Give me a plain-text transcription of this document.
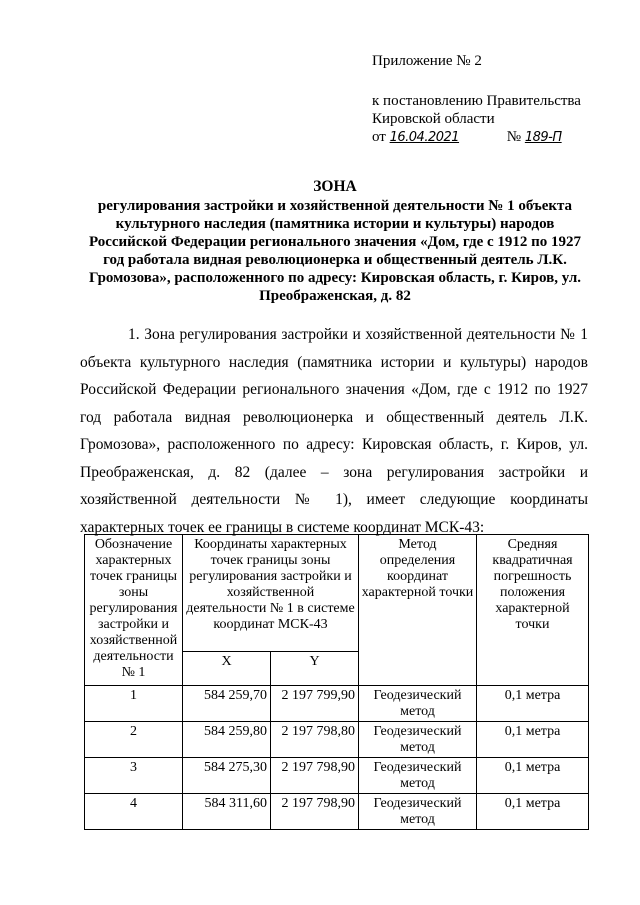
Приложение № 2
к постановлению Правительства
Кировской области
от 16.04.2021	№ 189-П
ЗОНА
регулирования застройки и хозяйственной деятельности № 1 объекта культурного наследия (памятника истории и культуры) народов Российской Федерации регионального значения «Дом, где с 1912 по 1927 год работала видная революционерка и общественный деятель Л.К. Громозова», расположенного по адресу: Кировская область, г. Киров, ул. Преображенская, д. 82
1. Зона регулирования застройки и хозяйственной деятельности № 1 объекта культурного наследия (памятника истории и культуры) народов Российской Федерации регионального значения «Дом, где с 1912 по 1927 год работала видная революционерка и общественный деятель Л.К. Громозова», расположенного по адресу: Кировская область, г. Киров, ул. Преображенская, д. 82 (далее – зона регулирования застройки и хозяйственной деятельности № 1), имеет следующие координаты характерных точек ее границы в системе координат МСК-43:
Обозначение характерных точек границы зоны регулирования застройки и хозяйственной деятельности № 1	Координаты характерных точек границы зоны регулирования застройки и хозяйственной деятельности № 1 в системе координат МСК-43		Метод определения координат характерной точки	Средняя квадратичная погрешность положения характерной точки
	X	Y		
1	584 259,70	2 197 799,90	Геодезический метод	0,1 метра
2	584 259,80	2 197 798,80	Геодезический метод	0,1 метра
3	584 275,30	2 197 798,90	Геодезический метод	0,1 метра
4	584 311,60	2 197 798,90	Геодезический метод	0,1 метра
